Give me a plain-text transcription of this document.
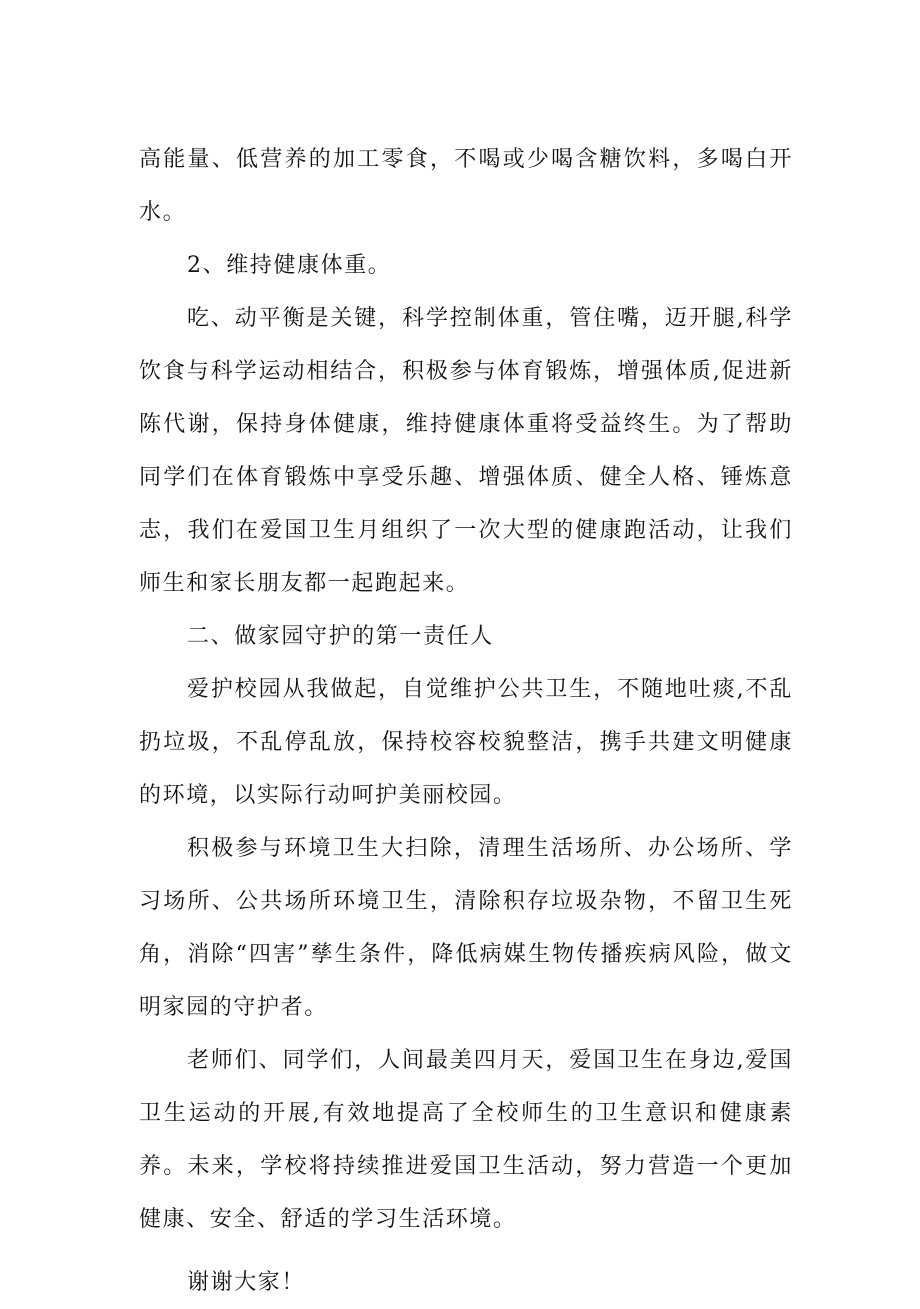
高能量、低营养的加工零食，不喝或少喝含糖饮料，多喝白开水。

2、维持健康体重。

吃、动平衡是关键，科学控制体重，管住嘴，迈开腿,科学饮食与科学运动相结合，积极参与体育锻炼，增强体质,促进新陈代谢，保持身体健康，维持健康体重将受益终生。为了帮助同学们在体育锻炼中享受乐趣、增强体质、健全人格、锤炼意志，我们在爱国卫生月组织了一次大型的健康跑活动，让我们师生和家长朋友都一起跑起来。

二、做家园守护的第一责任人

爱护校园从我做起，自觉维护公共卫生，不随地吐痰,不乱扔垃圾，不乱停乱放，保持校容校貌整洁，携手共建文明健康的环境，以实际行动呵护美丽校园。

积极参与环境卫生大扫除，清理生活场所、办公场所、学习场所、公共场所环境卫生，清除积存垃圾杂物，不留卫生死角，消除“四害”孳生条件，降低病媒生物传播疾病风险，做文明家园的守护者。

老师们、同学们，人间最美四月天，爱国卫生在身边,爱国卫生运动的开展,有效地提高了全校师生的卫生意识和健康素养。未来，学校将持续推进爱国卫生活动，努力营造一个更加健康、安全、舒适的学习生活环境。

谢谢大家！
